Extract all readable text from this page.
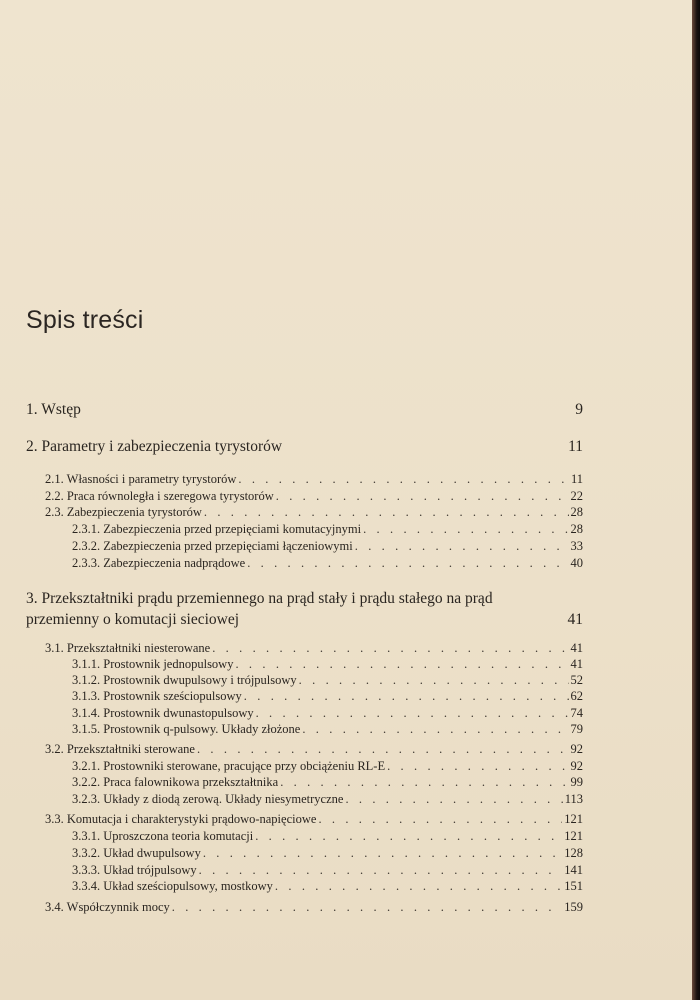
Spis treści
1. Wstęp	9
2. Parametry i zabezpieczenia tyrystorów	11
2.1. Własności i parametry tyrystorów . . .	11
2.2. Praca równoległa i szeregowa tyrystorów . . .	22
2.3. Zabezpieczenia tyrystorów . . .	28
2.3.1. Zabezpieczenia przed przepięciami komutacyjnymi . . .	28
2.3.2. Zabezpieczenia przed przepięciami łączeniowymi . . .	33
2.3.3. Zabezpieczenia nadprądowe . . .	40
3. Przekształtniki prądu przemiennego na prąd stały i prądu stałego na prąd
przemienny o komutacji sieciowej	41
3.1. Przekształtniki niesterowane . . .	41
3.1.1. Prostownik jednopulsowy . . .	41
3.1.2. Prostownik dwupulsowy i trójpulsowy . . .	52
3.1.3. Prostownik sześciopulsowy . . .	62
3.1.4. Prostownik dwunastopulsowy . . .	74
3.1.5. Prostownik q-pulsowy. Układy złożone . . .	79
3.2. Przekształtniki sterowane . . .	92
3.2.1. Prostowniki sterowane, pracujące przy obciążeniu RL-E . . .	92
3.2.2. Praca falownikowa przekształtnika . . .	99
3.2.3. Układy z diodą zerową. Układy niesymetryczne . . .	113
3.3. Komutacja i charakterystyki prądowo-napięciowe . . .	121
3.3.1. Uproszczona teoria komutacji . . .	121
3.3.2. Układ dwupulsowy . . .	128
3.3.3. Układ trójpulsowy . . .	141
3.3.4. Układ sześciopulsowy, mostkowy . . .	151
3.4. Współczynnik mocy . . .	159
